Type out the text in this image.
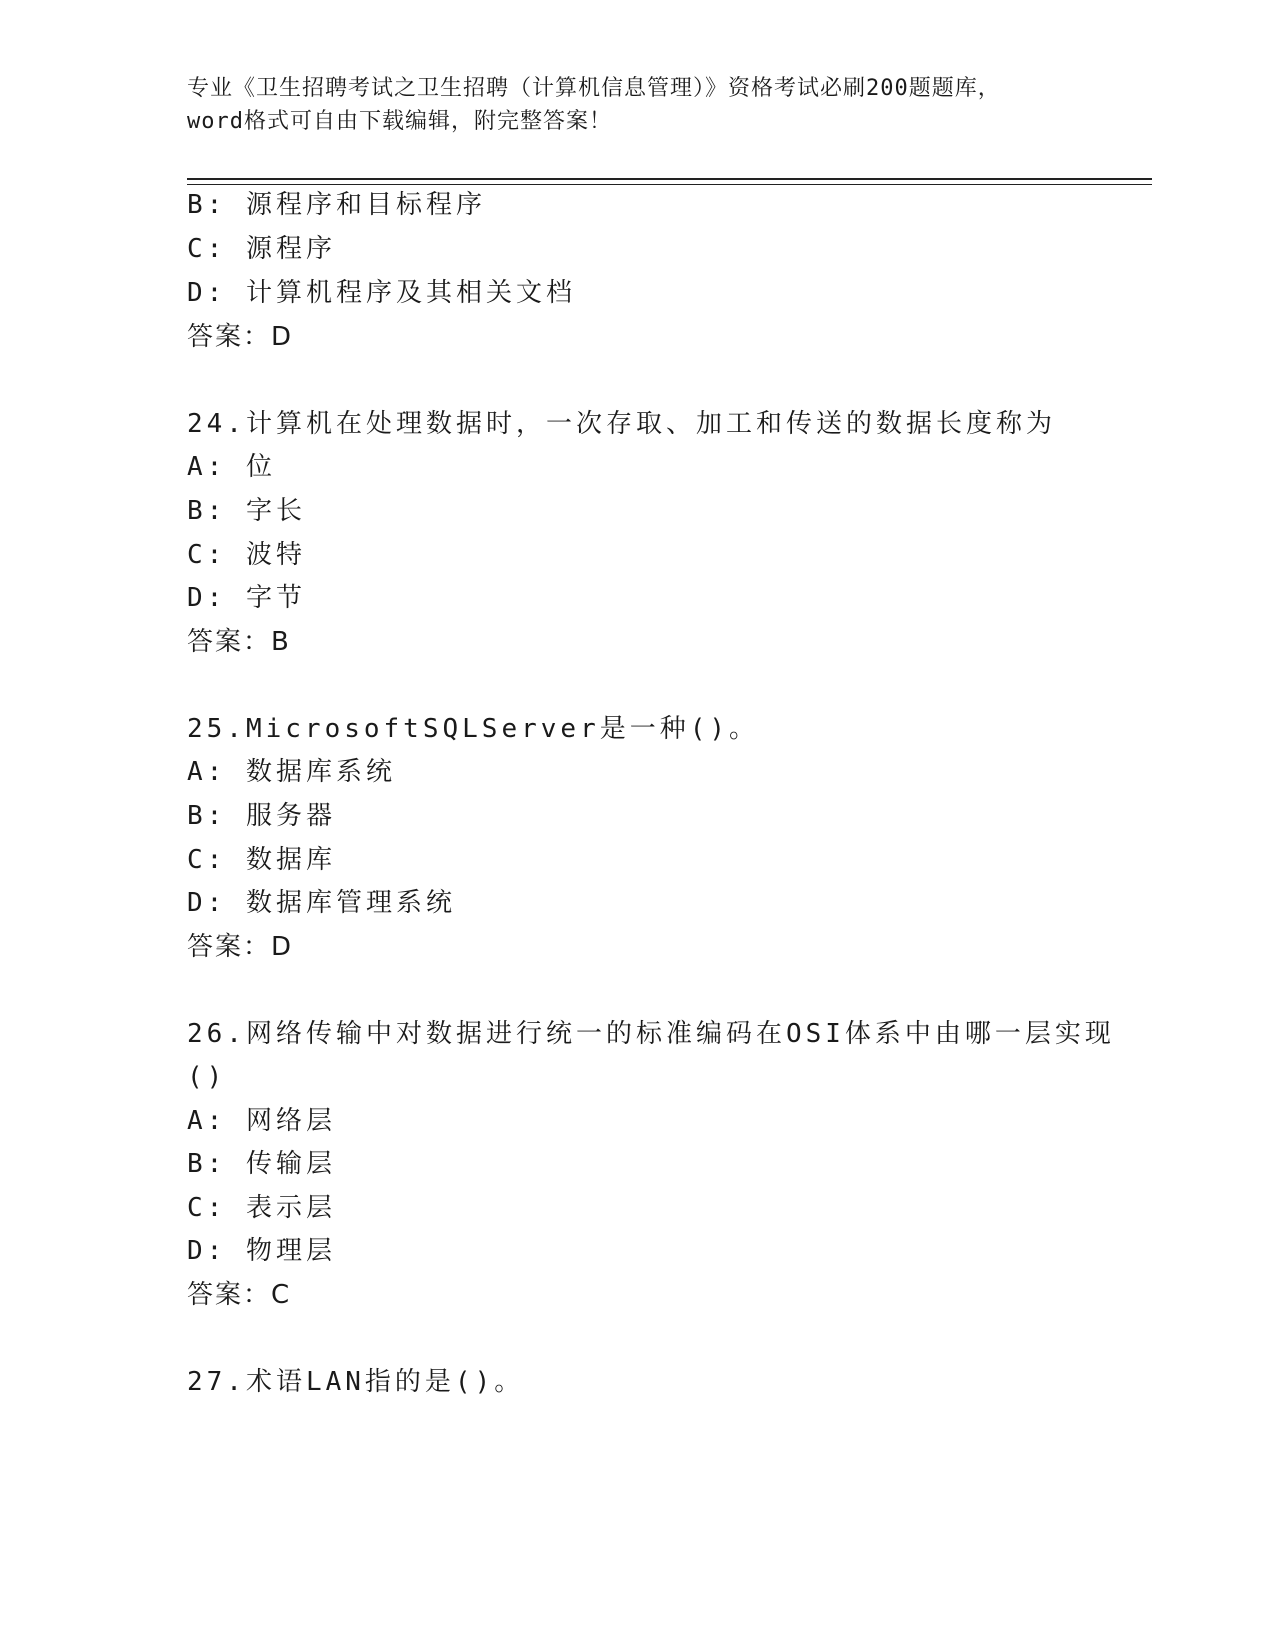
专业《卫生招聘考试之卫生招聘（计算机信息管理）》资格考试必刷200题题库，
word格式可自由下载编辑，附完整答案！
B: 源程序和目标程序
C: 源程序
D: 计算机程序及其相关文档
答案：D
24.计算机在处理数据时，一次存取、加工和传送的数据长度称为
A: 位
B: 字长
C: 波特
D: 字节
答案：B
25.MicrosoftSQLServer是一种()。
A: 数据库系统
B: 服务器
C: 数据库
D: 数据库管理系统
答案：D
26.网络传输中对数据进行统一的标准编码在OSI体系中由哪一层实现
()
A: 网络层
B: 传输层
C: 表示层
D: 物理层
答案：C
27.术语LAN指的是()。
